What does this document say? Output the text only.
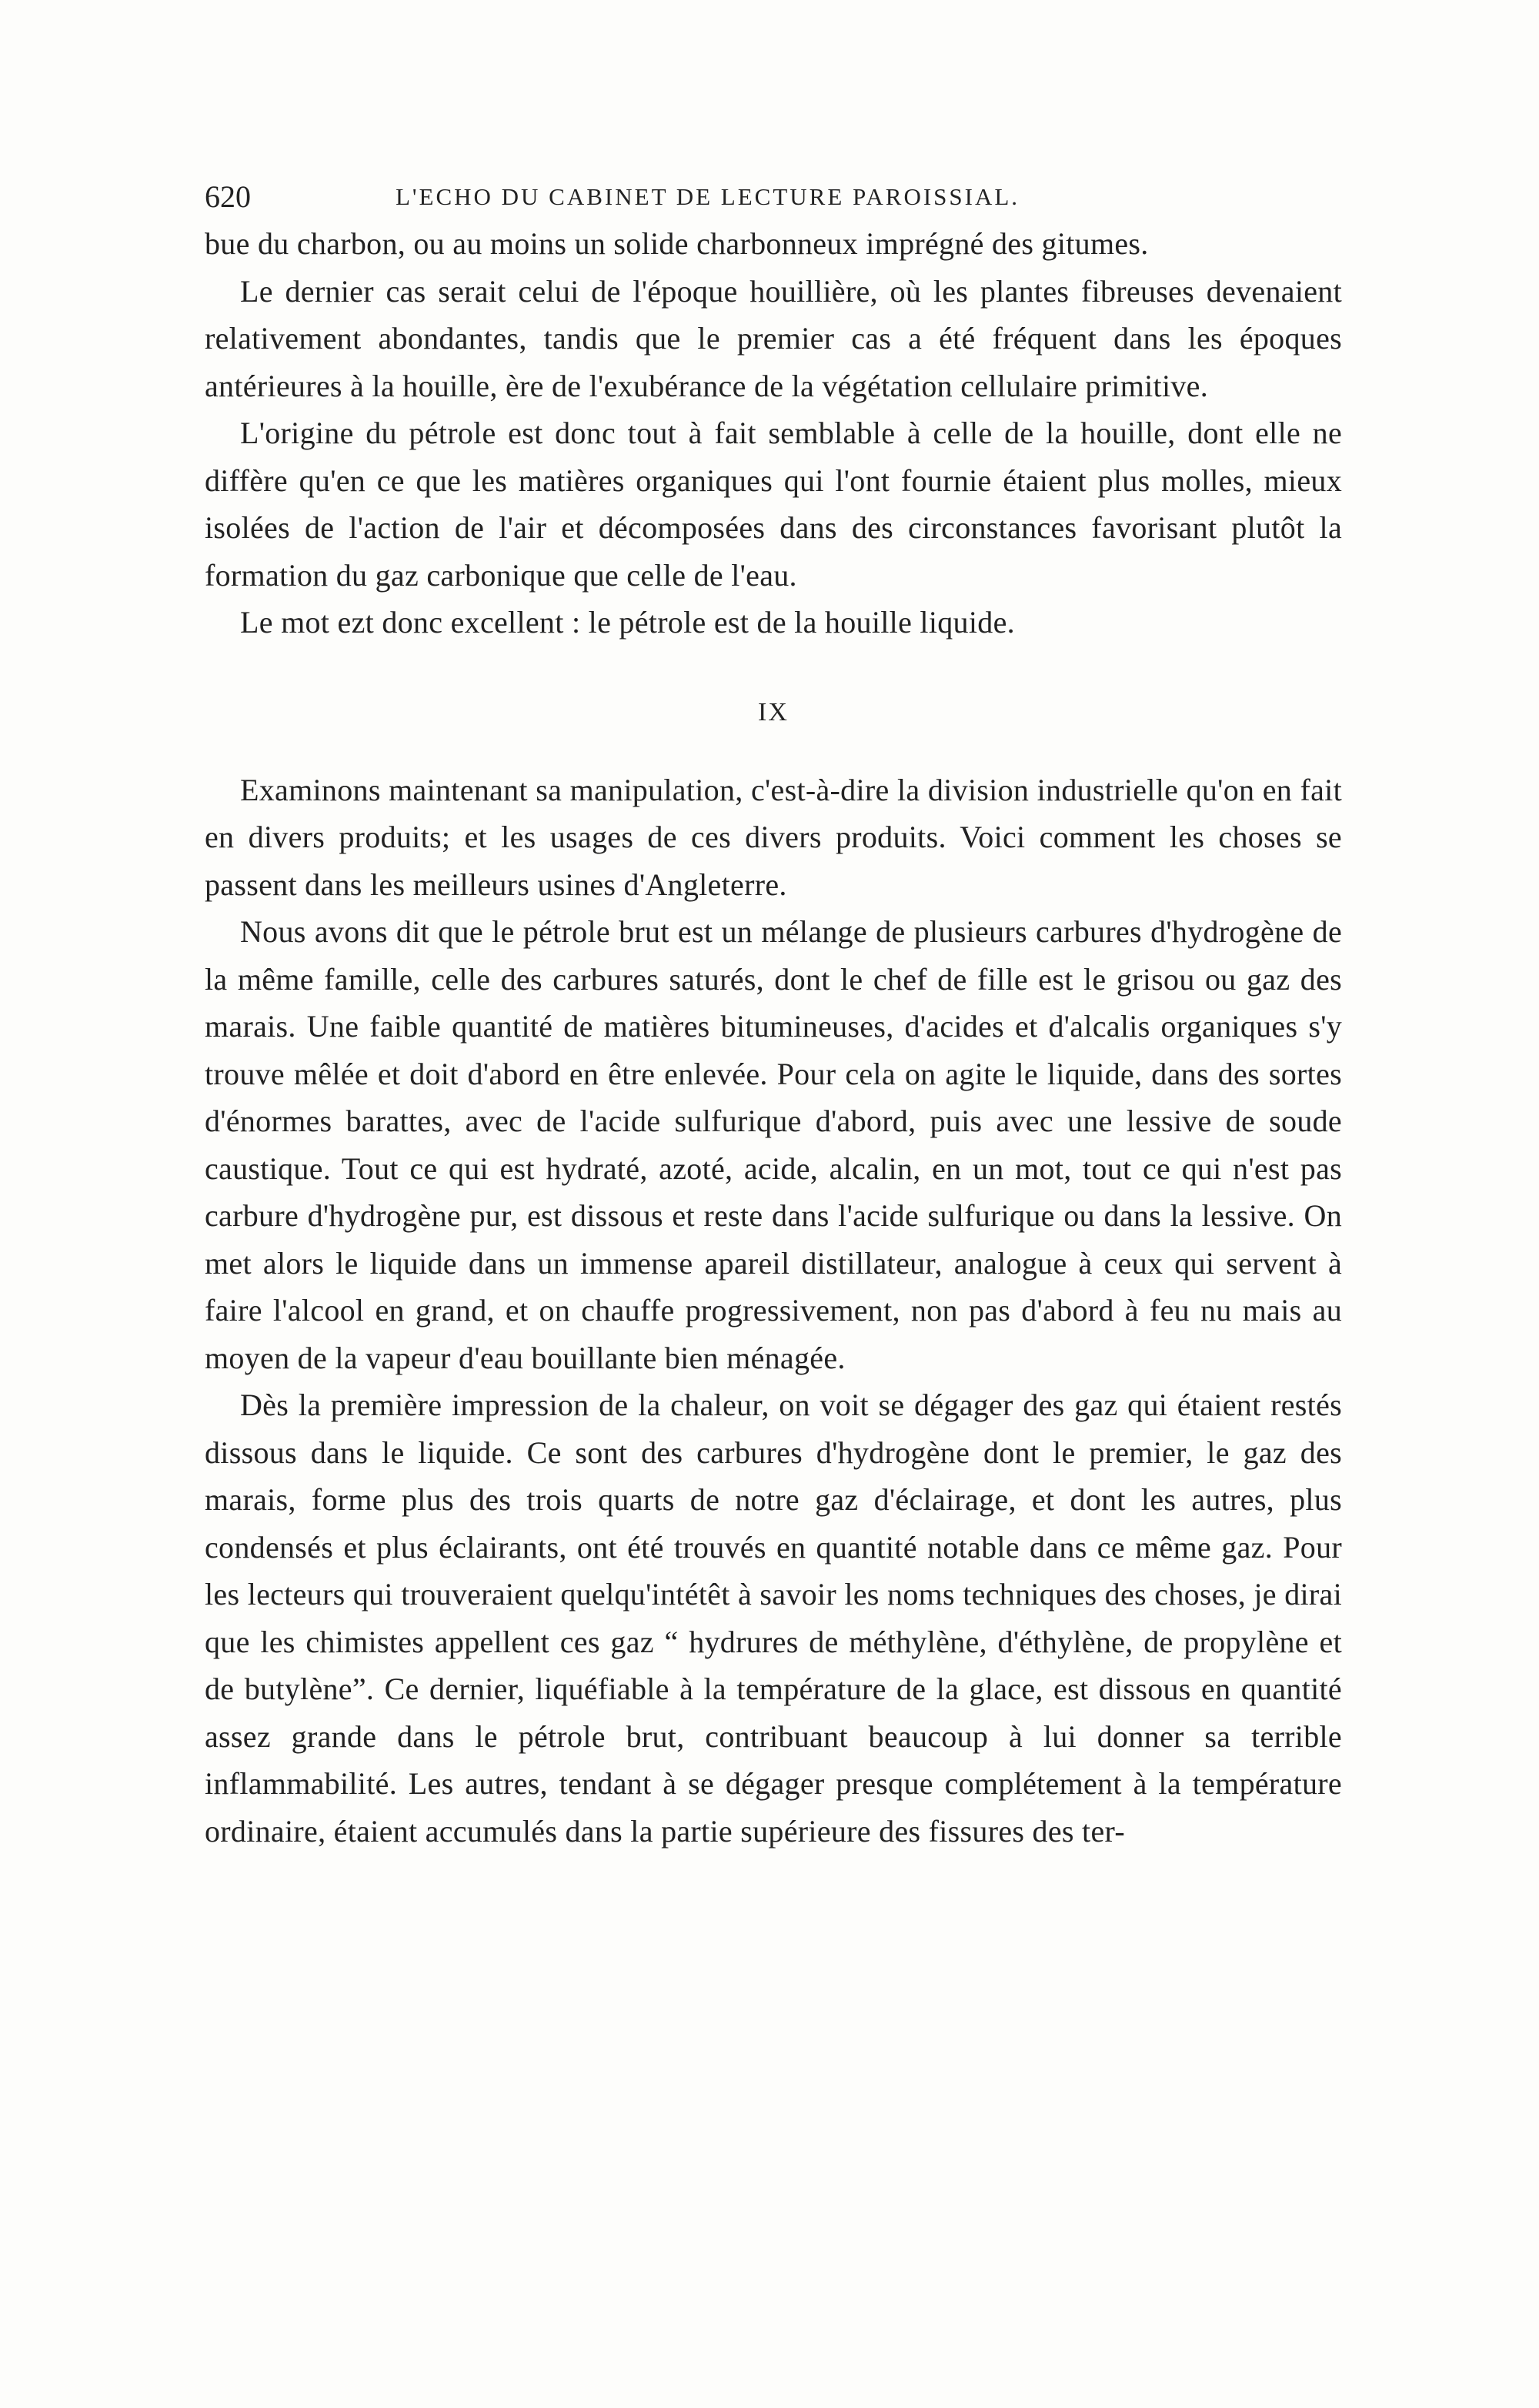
620	L'ECHO DU CABINET DE LECTURE PAROISSIAL.

bue du charbon, ou au moins un solide charbonneux imprégné des gitumes.

Le dernier cas serait celui de l'époque houillière, où les plantes fibreuses devenaient relativement abondantes, tandis que le premier cas a été fréquent dans les époques antérieures à la houille, ère de l'exubérance de la végétation cellulaire primitive.

L'origine du pétrole est donc tout à fait semblable à celle de la houille, dont elle ne diffère qu'en ce que les matières organiques qui l'ont fournie étaient plus molles, mieux isolées de l'action de l'air et décomposées dans des circonstances favorisant plutôt la formation du gaz carbonique que celle de l'eau.

Le mot ezt donc excellent : le pétrole est de la houille liquide.

IX

Examinons maintenant sa manipulation, c'est-à-dire la division industrielle qu'on en fait en divers produits; et les usages de ces divers produits. Voici comment les choses se passent dans les meilleurs usines d'Angleterre.

Nous avons dit que le pétrole brut est un mélange de plusieurs carbures d'hydrogène de la même famille, celle des carbures saturés, dont le chef de fille est le grisou ou gaz des marais. Une faible quantité de matières bitumineuses, d'acides et d'alcalis organiques s'y trouve mêlée et doit d'abord en être enlevée. Pour cela on agite le liquide, dans des sortes d'énormes barattes, avec de l'acide sulfurique d'abord, puis avec une lessive de soude caustique. Tout ce qui est hydraté, azoté, acide, alcalin, en un mot, tout ce qui n'est pas carbure d'hydrogène pur, est dissous et reste dans l'acide sulfurique ou dans la lessive. On met alors le liquide dans un immense apareil distillateur, analogue à ceux qui servent à faire l'alcool en grand, et on chauffe progressivement, non pas d'abord à feu nu mais au moyen de la vapeur d'eau bouillante bien ménagée.

Dès la première impression de la chaleur, on voit se dégager des gaz qui étaient restés dissous dans le liquide. Ce sont des carbures d'hydrogène dont le premier, le gaz des marais, forme plus des trois quarts de notre gaz d'éclairage, et dont les autres, plus condensés et plus éclairants, ont été trouvés en quantité notable dans ce même gaz. Pour les lecteurs qui trouveraient quelqu'intétêt à savoir les noms techniques des choses, je dirai que les chimistes appellent ces gaz “ hydrures de méthylène, d'éthylène, de propylène et de butylène”. Ce dernier, liquéfiable à la température de la glace, est dissous en quantité assez grande dans le pétrole brut, contribuant beaucoup à lui donner sa terrible inflammabilité. Les autres, tendant à se dégager presque complétement à la température ordinaire, étaient accumulés dans la partie supérieure des fissures des ter-
